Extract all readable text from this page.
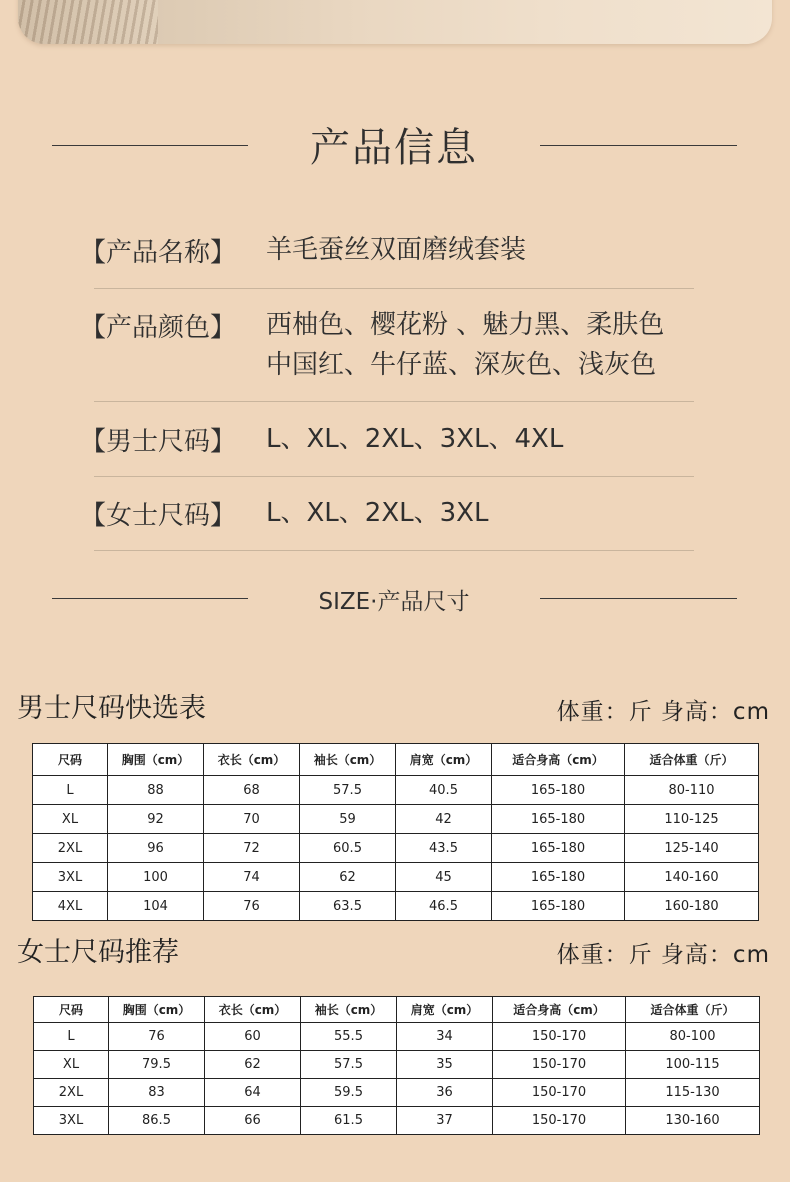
产品信息
【产品名称】 羊毛蚕丝双面磨绒套装
【产品颜色】 西柚色、樱花粉 、魅力黑、柔肤色
中国红、牛仔蓝、深灰色、浅灰色
【男士尺码】 L、XL、2XL、3XL、4XL
【女士尺码】 L、XL、2XL、3XL
SIZE·产品尺寸
男士尺码快选表	体重：斤 身高：cm
尺码	胸围（cm）	衣长（cm）	袖长（cm）	肩宽（cm）	适合身高（cm）	适合体重（斤）
L	88	68	57.5	40.5	165-180	80-110
XL	92	70	59	42	165-180	110-125
2XL	96	72	60.5	43.5	165-180	125-140
3XL	100	74	62	45	165-180	140-160
4XL	104	76	63.5	46.5	165-180	160-180
女士尺码推荐	体重：斤 身高：cm
尺码	胸围（cm）	衣长（cm）	袖长（cm）	肩宽（cm）	适合身高（cm）	适合体重（斤）
L	76	60	55.5	34	150-170	80-100
XL	79.5	62	57.5	35	150-170	100-115
2XL	83	64	59.5	36	150-170	115-130
3XL	86.5	66	61.5	37	150-170	130-160
